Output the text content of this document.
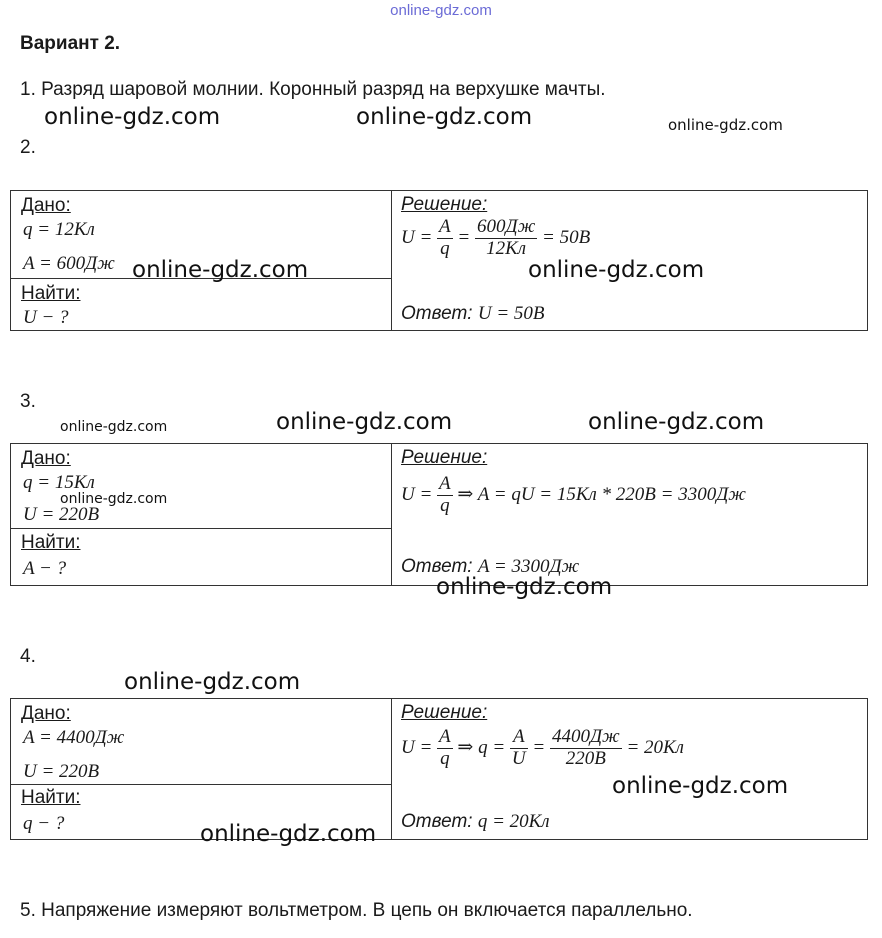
online-gdz.com
Вариант 2.
1. Разряд шаровой молнии. Коронный разряд на верхушке мачты.
online-gdz.com	online-gdz.com	online-gdz.com
2.
Дано:
q = 12Кл
A = 600Дж
Найти:
U − ?
Решение:
$U = \frac{A}{q} = \frac{600Дж}{12Кл} = 50В$
Ответ: U = 50В
online-gdz.com	online-gdz.com
3.
online-gdz.com	online-gdz.com	online-gdz.com
Дано:
q = 15Кл
U = 220В
Найти:
A − ?
Решение:
$U = \frac{A}{q}$ ⇒ A = qU = 15Кл * 220В = 3300Дж
Ответ: A = 3300Дж
online-gdz.com
online-gdz.com
4.
online-gdz.com
Дано:
A = 4400Дж
U = 220В
Найти:
q − ?
Решение:
$U = \frac{A}{q}$ ⇒ $q = \frac{A}{U} = \frac{4400Дж}{220В} = 20Кл$
Ответ: q = 20Кл
online-gdz.com
online-gdz.com
5. Напряжение измеряют вольтметром. В цепь он включается параллельно.
